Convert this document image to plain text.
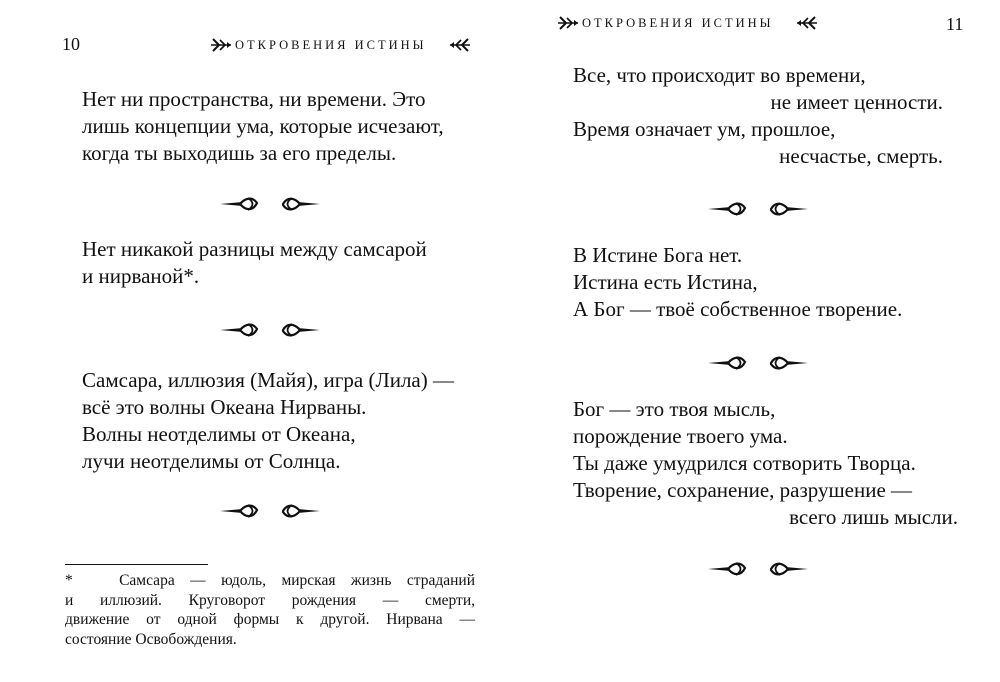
10	ОТКРОВЕНИЯ ИСТИНЫ
Нет ни пространства, ни времени. Это
лишь концепции ума, которые исчезают,
когда ты выходишь за его пределы.
Нет никакой разницы между самсарой
и нирваной*.
Самсара, иллюзия (Майя), игра (Лила) —
всё это волны Океана Нирваны.
Волны неотделимы от Океана,
лучи неотделимы от Солнца.
*   Самсара — юдоль, мирская жизнь страданий
и иллюзий. Круговорот рождения — смерти,
движение от одной формы к другой. Нирвана —
состояние Освобождения.
ОТКРОВЕНИЯ ИСТИНЫ	11
Все, что происходит во времени,
не имеет ценности.
Время означает ум, прошлое,
несчастье, смерть.
В Истине Бога нет.
Истина есть Истина,
А Бог — твоё собственное творение.
Бог — это твоя мысль,
порождение твоего ума.
Ты даже умудрился сотворить Творца.
Творение, сохранение, разрушение —
всего лишь мысли.
